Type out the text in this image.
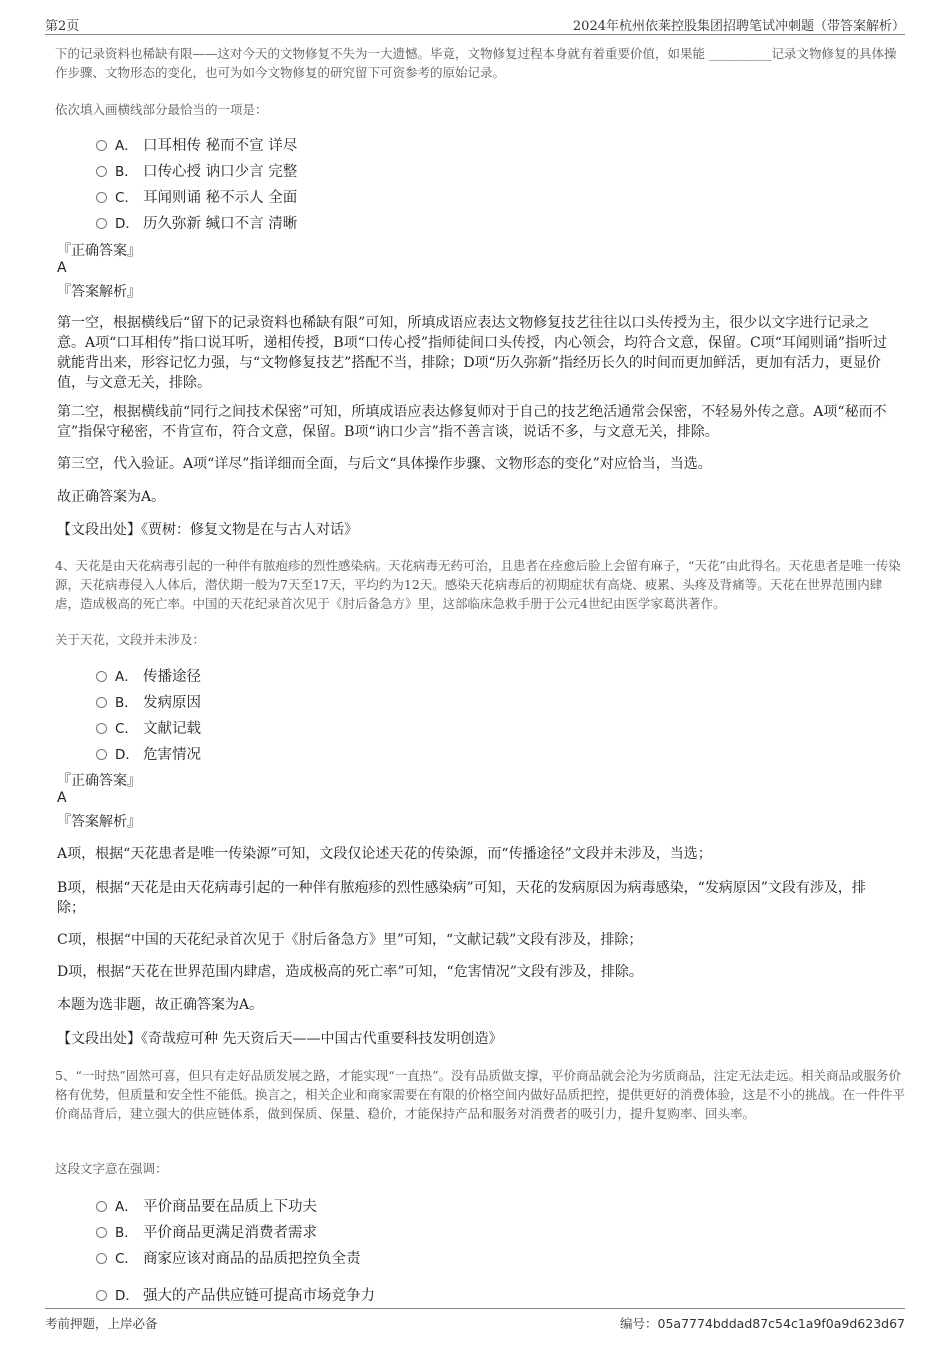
第2页	2024年杭州依莱控股集团招聘笔试冲刺题（带答案解析）
下的记录资料也稀缺有限——这对今天的文物修复不失为一大遗憾。毕竟，文物修复过程本身就有着重要价值，如果能 __________记录文物修复的具体操作步骤、文物形态的变化，也可为如今文物修复的研究留下可资参考的原始记录。
依次填入画横线部分最恰当的一项是：
A． 口耳相传 秘而不宣 详尽
B． 口传心授 讷口少言 完整
C． 耳闻则诵 秘不示人 全面
D． 历久弥新 缄口不言 清晰
『正确答案』
A
『答案解析』
第一空，根据横线后“留下的记录资料也稀缺有限”可知，所填成语应表达文物修复技艺往往以口头传授为主，很少以文字进行记录之意。A项“口耳相传”指口说耳听，递相传授，B项“口传心授”指师徒间口头传授，内心领会，均符合文意，保留。C项“耳闻则诵”指听过就能背出来，形容记忆力强，与“文物修复技艺”搭配不当，排除；D项“历久弥新”指经历长久的时间而更加鲜活，更加有活力，更显价值，与文意无关，排除。
第二空，根据横线前“同行之间技术保密”可知，所填成语应表达修复师对于自己的技艺绝活通常会保密，不轻易外传之意。A项“秘而不宣”指保守秘密，不肯宣布，符合文意，保留。B项“讷口少言”指不善言谈，说话不多，与文意无关，排除。
第三空，代入验证。A项“详尽”指详细而全面，与后文“具体操作步骤、文物形态的变化”对应恰当，当选。
故正确答案为A。
【文段出处】《贾树：修复文物是在与古人对话》
4、天花是由天花病毒引起的一种伴有脓疱疹的烈性感染病。天花病毒无药可治，且患者在痊愈后脸上会留有麻子，“天花”由此得名。天花患者是唯一传染源，天花病毒侵入人体后，潜伏期一般为7天至17天，平均约为12天。感染天花病毒后的初期症状有高烧、疲累、头疼及背痛等。天花在世界范围内肆虐，造成极高的死亡率。中国的天花纪录首次见于《肘后备急方》里，这部临床急救手册于公元4世纪由医学家葛洪著作。
关于天花，文段并未涉及：
A． 传播途径
B． 发病原因
C． 文献记载
D． 危害情况
『正确答案』
A
『答案解析』
A项，根据“天花患者是唯一传染源”可知，文段仅论述天花的传染源，而“传播途径”文段并未涉及，当选；
B项，根据“天花是由天花病毒引起的一种伴有脓疱疹的烈性感染病”可知，天花的发病原因为病毒感染，“发病原因”文段有涉及，排除；
C项，根据“中国的天花纪录首次见于《肘后备急方》里”可知，“文献记载”文段有涉及，排除；
D项，根据“天花在世界范围内肆虐，造成极高的死亡率”可知，“危害情况”文段有涉及，排除。
本题为选非题，故正确答案为A。
【文段出处】《奇哉痘可种 先天资后天——中国古代重要科技发明创造》
5、“一时热”固然可喜，但只有走好品质发展之路，才能实现“一直热”。没有品质做支撑，平价商品就会沦为劣质商品，注定无法走远。相关商品或服务价格有优势，但质量和安全性不能低。换言之，相关企业和商家需要在有限的价格空间内做好品质把控，提供更好的消费体验，这是不小的挑战。在一件件平价商品背后，建立强大的供应链体系，做到保质、保量、稳价，才能保持产品和服务对消费者的吸引力，提升复购率、回头率。
这段文字意在强调：
A． 平价商品要在品质上下功夫
B． 平价商品更满足消费者需求
C． 商家应该对商品的品质把控负全责
D． 强大的产品供应链可提高市场竞争力
考前押题，上岸必备	编号：05a7774bddad87c54c1a9f0a9d623d67
